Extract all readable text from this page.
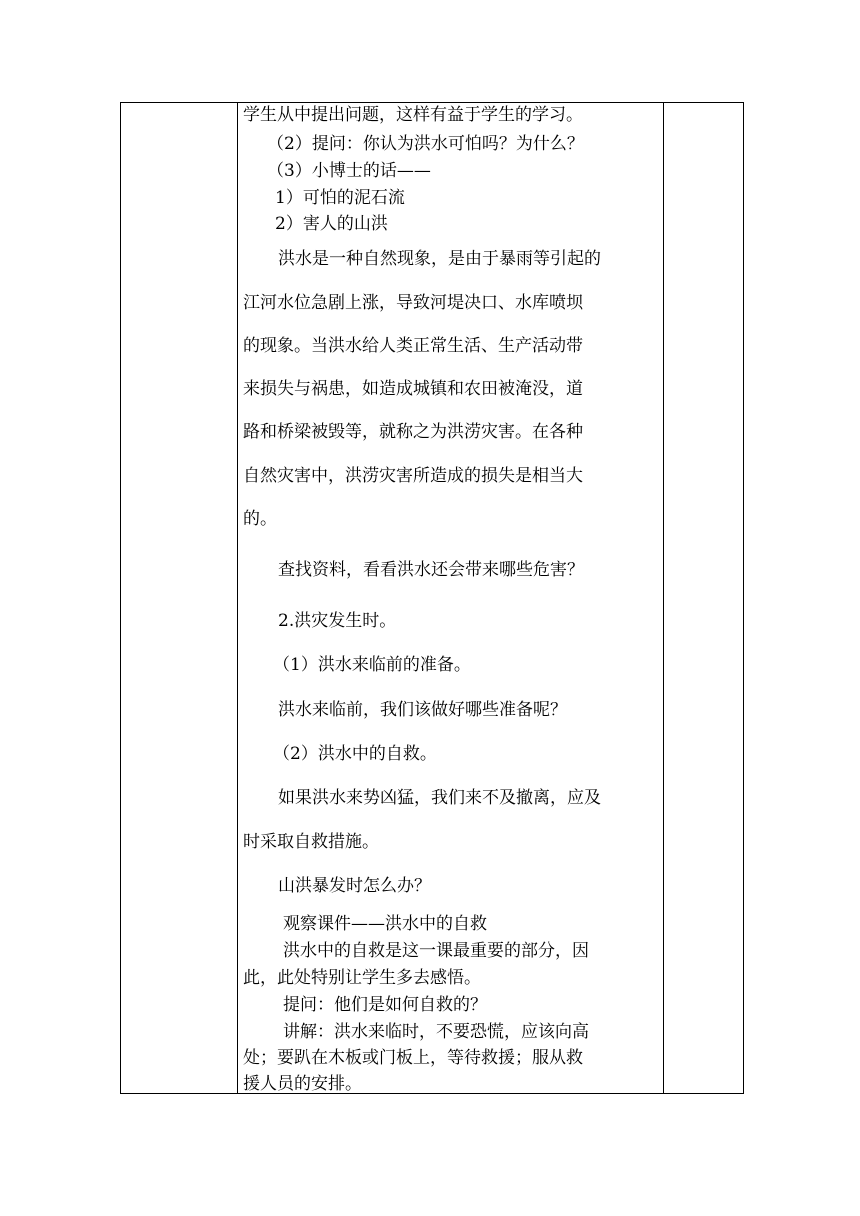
学生从中提出问题，这样有益于学生的学习。
（2）提问：你认为洪水可怕吗？为什么？
（3）小博士的话——
1）可怕的泥石流
2）害人的山洪
洪水是一种自然现象，是由于暴雨等引起的
江河水位急剧上涨，导致河堤决口、水库喷坝
的现象。当洪水给人类正常生活、生产活动带
来损失与祸患，如造成城镇和农田被淹没，道
路和桥梁被毁等，就称之为洪涝灾害。在各种
自然灾害中，洪涝灾害所造成的损失是相当大
的。
查找资料，看看洪水还会带来哪些危害？
2.洪灾发生时。
（1）洪水来临前的准备。
洪水来临前，我们该做好哪些准备呢？
（2）洪水中的自救。
如果洪水来势凶猛，我们来不及撤离，应及
时采取自救措施。
山洪暴发时怎么办？
观察课件——洪水中的自救
洪水中的自救是这一课最重要的部分，因
此，此处特别让学生多去感悟。
提问：他们是如何自救的？
讲解：洪水来临时，不要恐慌，应该向高
处；要趴在木板或门板上，等待救援；服从救
援人员的安排。
